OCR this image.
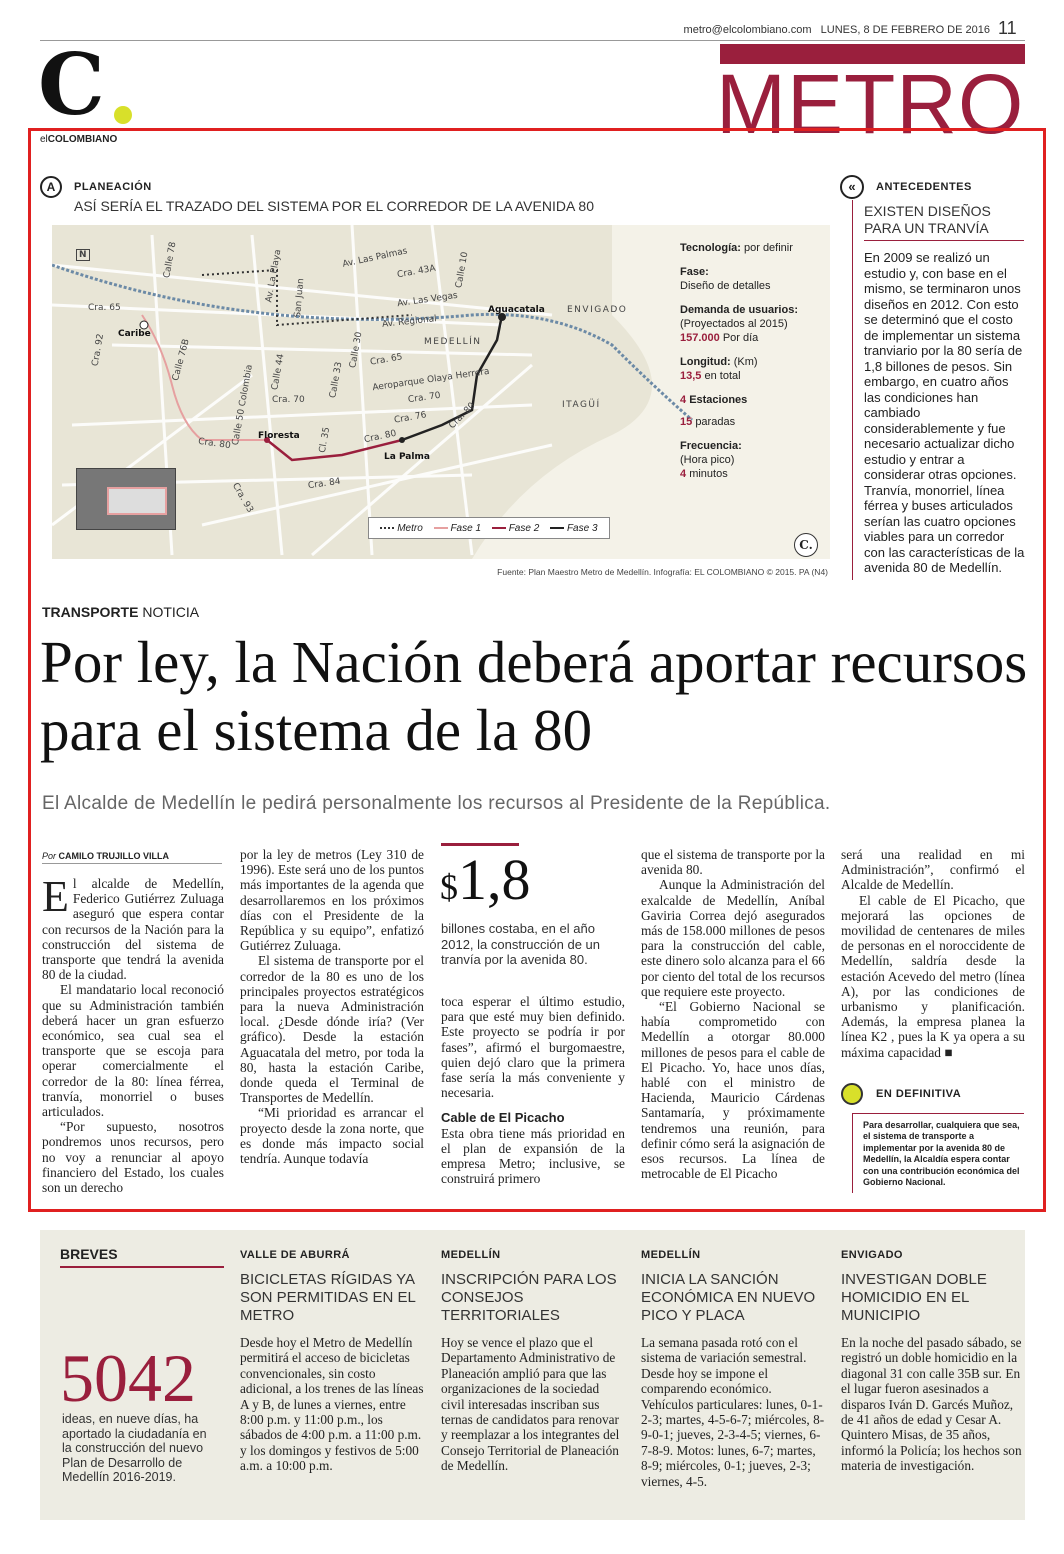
metro@elcolombiano.com   LUNES, 8 DE FEBRERO DE 2016 11
C
elCOLOMBIANO	METRO
A	PLANEACIÓN
ASÍ SERÍA EL TRAZADO DEL SISTEMA POR EL CORREDOR DE LA AVENIDA 80
N	Calle 78	Av. Las Palmas
Cra. 43A Calle 10
Av. La Playa San Juan	Av. Las Vegas
Av. Regional
Aguacatala ENVIGADO
Cra. 65
Caribe
Cra. 92	Calle 76B
Calle 50 Colombia Calle 44
Calle 30 Cra. 65
MEDELLÍN
Calle 33	Aeroparque Olaya Herrera
Cra. 70
Cra. 70
Cra. 76 Cra. 80	ITAGÜÍ
Cl. 35	Cra. 80
Floresta
Cra. 80
La Palma
Cra. 84
Cra. 93
Metro	Fase 1	Fase 2	Fase 3
Tecnología: por definir
Fase:
Diseño de detalles
Demanda de usuarios:
(Proyectados al 2015)
157.000 Por día
Longitud: (Km)
13,5 en total
4 Estaciones
15 paradas
Frecuencia:
(Hora pico)
4 minutos
C.
Fuente: Plan Maestro Metro de Medellín. Infografía: EL COLOMBIANO © 2015. PA (N4)
«	ANTECEDENTES
EXISTEN DISEÑOS PARA UN TRANVÍA
En 2009 se realizó un estudio y, con base en el mismo, se terminaron unos diseños en 2012. Con esto se determinó que el costo de implementar un sistema tranviario por la 80 sería de 1,8 billones de pesos. Sin embargo, en cuatro años las condiciones han cambiado considerablemente y fue necesario actualizar dicho estudio y entrar a considerar otras opciones.
Tranvía, monorriel, línea férrea y buses articulados serían las cuatro opciones viables para un corredor con las características de la avenida 80 de Medellín.
TRANSPORTE NOTICIA
Por ley, la Nación deberá aportar recursos para el sistema de la 80
El Alcalde de Medellín le pedirá personalmente los recursos al Presidente de la República.
Por CAMILO TRUJILLO VILLA
E l alcalde de Medellín, Federico Gutiérrez Zuluaga aseguró que espera contar con recursos de la Nación para la construcción del sistema de transporte que tendrá la avenida 80 de la ciudad.

El mandatario local reconoció que su Administración también deberá hacer un gran esfuerzo económico, sea cual sea el transporte que se escoja para operar comercialmente el corredor de la 80: línea férrea, tranvía, monorriel o buses articulados.

“Por supuesto, nosotros pondremos unos recursos, pero no voy a renunciar al apoyo financiero del Estado, los cuales son un derecho

por la ley de metros (Ley 310 de 1996). Este será uno de los puntos más importantes de la agenda que desarrollaremos en los próximos días con el Presidente de la República y su equipo”, enfatizó Gutiérrez Zuluaga.

El sistema de transporte por el corredor de la 80 es uno de los principales proyectos estratégicos para la nueva Administración local. ¿Desde dónde iría? (Ver gráfico). Desde la estación Aguacatala del metro, por toda la 80, hasta la estación Caribe, donde queda el Terminal de Transportes de Medellín.

“Mi prioridad es arrancar el proyecto desde la zona norte, que es donde más impacto social tendría. Aunque todavía

$1,8
billones costaba, en el año 2012, la construcción de un tranvía por la avenida 80.

toca esperar el último estudio, para que esté muy bien definido. Este proyecto se podría ir por fases”, afirmó el burgomaestre, quien dejó claro que la primera fase sería la más conveniente y necesaria.

Cable de El Picacho

Esta obra tiene más prioridad en el plan de expansión de la empresa Metro; inclusive, se construirá primero

que el sistema de transporte por la avenida 80.

Aunque la Administración del exalcalde de Medellín, Aníbal Gaviria Correa dejó asegurados más de 158.000 millones de pesos para la construcción del cable, este dinero solo alcanza para el 66 por ciento del total de los recursos que requiere este proyecto.

“El Gobierno Nacional se había comprometido con Medellín a otorgar 80.000 millones de pesos para el cable de El Picacho. Yo, hace unos días, hablé con el ministro de Hacienda, Mauricio Cárdenas Santamaría, y próximamente tendremos una reunión, para definir cómo será la asignación de esos recursos. La línea de metrocable de El Picacho

será una realidad en mi Administración”, confirmó el Alcalde de Medellín.

El cable de El Picacho, que mejorará las opciones de movilidad de centenares de miles de personas en el noroccidente de Medellín, saldría desde la estación Acevedo del metro (línea A), por las condiciones de urbanismo y planificación. Además, la empresa planea la línea K2 , pues la K ya opera a su máxima capacidad ■

EN DEFINITIVA
Para desarrollar, cualquiera que sea, el sistema de transporte a implementar por la avenida 80 de Medellín, la Alcaldía espera contar con una contribución económica del Gobierno Nacional.
BREVES
5042
ideas, en nueve días, ha aportado la ciudadanía en la construcción del nuevo Plan de Desarrollo de Medellín 2016-2019.
VALLE DE ABURRÁ
BICICLETAS RÍGIDAS YA SON PERMITIDAS EN EL METRO
Desde hoy el Metro de Medellín permitirá el acceso de bicicletas convencionales, sin costo adicional, a los trenes de las líneas A y B, de lunes a viernes, entre 8:00 p.m. y 11:00 p.m., los sábados de 4:00 p.m. a 11:00 p.m. y los domingos y festivos de 5:00 a.m. a 10:00 p.m.
MEDELLÍN
INSCRIPCIÓN PARA LOS CONSEJOS TERRITORIALES
Hoy se vence el plazo que el Departamento Administrativo de Planeación amplió para que las organizaciones de la sociedad civil interesadas inscriban sus ternas de candidatos para renovar y reemplazar a los integrantes del Consejo Territorial de Planeación de Medellín.
MEDELLÍN
INICIA LA SANCIÓN ECONÓMICA EN NUEVO PICO Y PLACA
La semana pasada rotó con el sistema de variación semestral. Desde hoy se impone el comparendo económico. Vehículos particulares: lunes, 0-1-2-3; martes, 4-5-6-7; miércoles, 8-9-0-1; jueves, 2-3-4-5; viernes, 6-7-8-9. Motos: lunes, 6-7; martes, 8-9; miércoles, 0-1; jueves, 2-3; viernes, 4-5.
ENVIGADO
INVESTIGAN DOBLE HOMICIDIO EN EL MUNICIPIO
En la noche del pasado sábado, se registró un doble homicidio en la diagonal 31 con calle 35B sur. En el lugar fueron asesinados a disparos Iván D. Garcés Muñoz, de 41 años de edad y Cesar A. Quintero Misas, de 35 años, informó la Policía; los hechos son materia de investigación.
